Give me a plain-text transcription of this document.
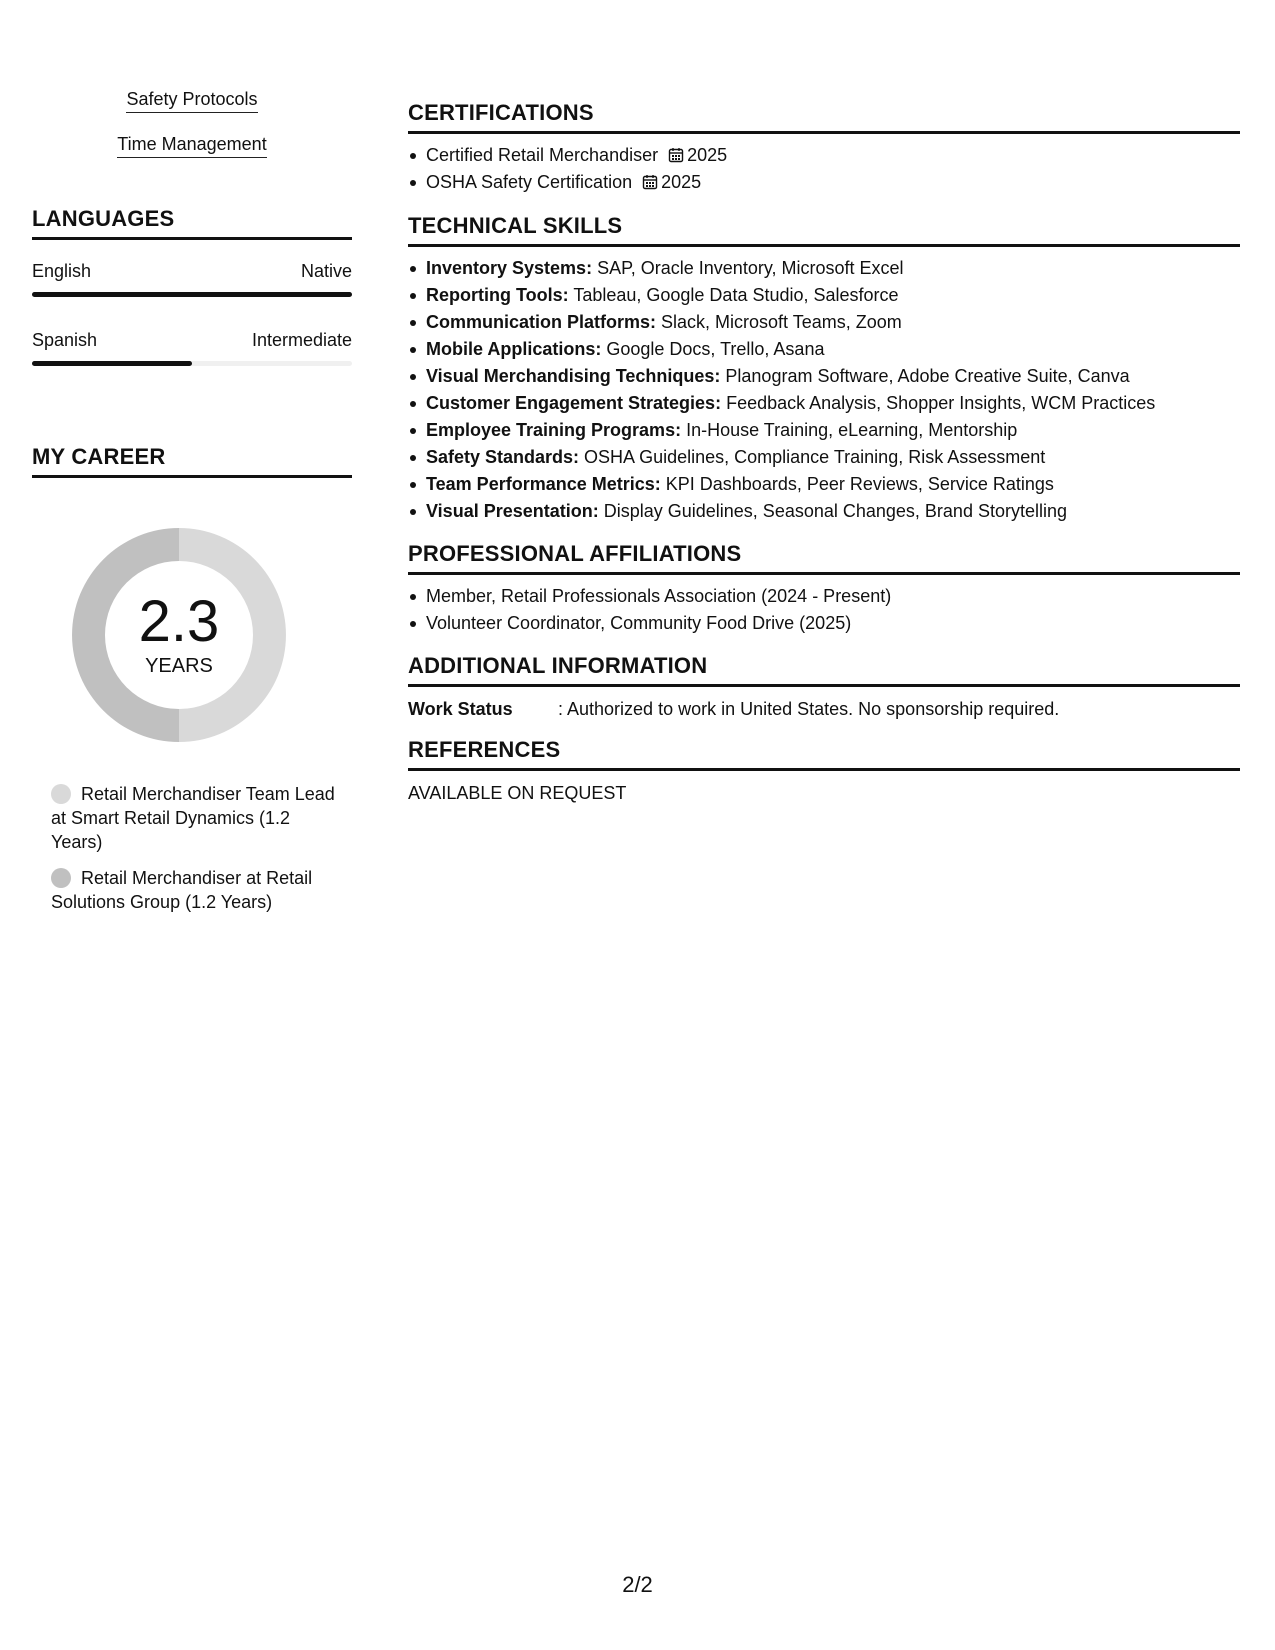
Safety Protocols
Time Management
LANGUAGES
English	Native
Spanish	Intermediate
MY CAREER
2.3
YEARS
Retail Merchandiser Team Lead at Smart Retail Dynamics (1.2 Years)
Retail Merchandiser at Retail Solutions Group (1.2 Years)
CERTIFICATIONS
Certified Retail Merchandiser 2025
OSHA Safety Certification 2025
TECHNICAL SKILLS
Inventory Systems: SAP, Oracle Inventory, Microsoft Excel
Reporting Tools: Tableau, Google Data Studio, Salesforce
Communication Platforms: Slack, Microsoft Teams, Zoom
Mobile Applications: Google Docs, Trello, Asana
Visual Merchandising Techniques: Planogram Software, Adobe Creative Suite, Canva
Customer Engagement Strategies: Feedback Analysis, Shopper Insights, WCM Practices
Employee Training Programs: In-House Training, eLearning, Mentorship
Safety Standards: OSHA Guidelines, Compliance Training, Risk Assessment
Team Performance Metrics: KPI Dashboards, Peer Reviews, Service Ratings
Visual Presentation: Display Guidelines, Seasonal Changes, Brand Storytelling
PROFESSIONAL AFFILIATIONS
Member, Retail Professionals Association (2024 - Present)
Volunteer Coordinator, Community Food Drive (2025)
ADDITIONAL INFORMATION
Work Status	: Authorized to work in United States. No sponsorship required.
REFERENCES
AVAILABLE ON REQUEST
2/2
